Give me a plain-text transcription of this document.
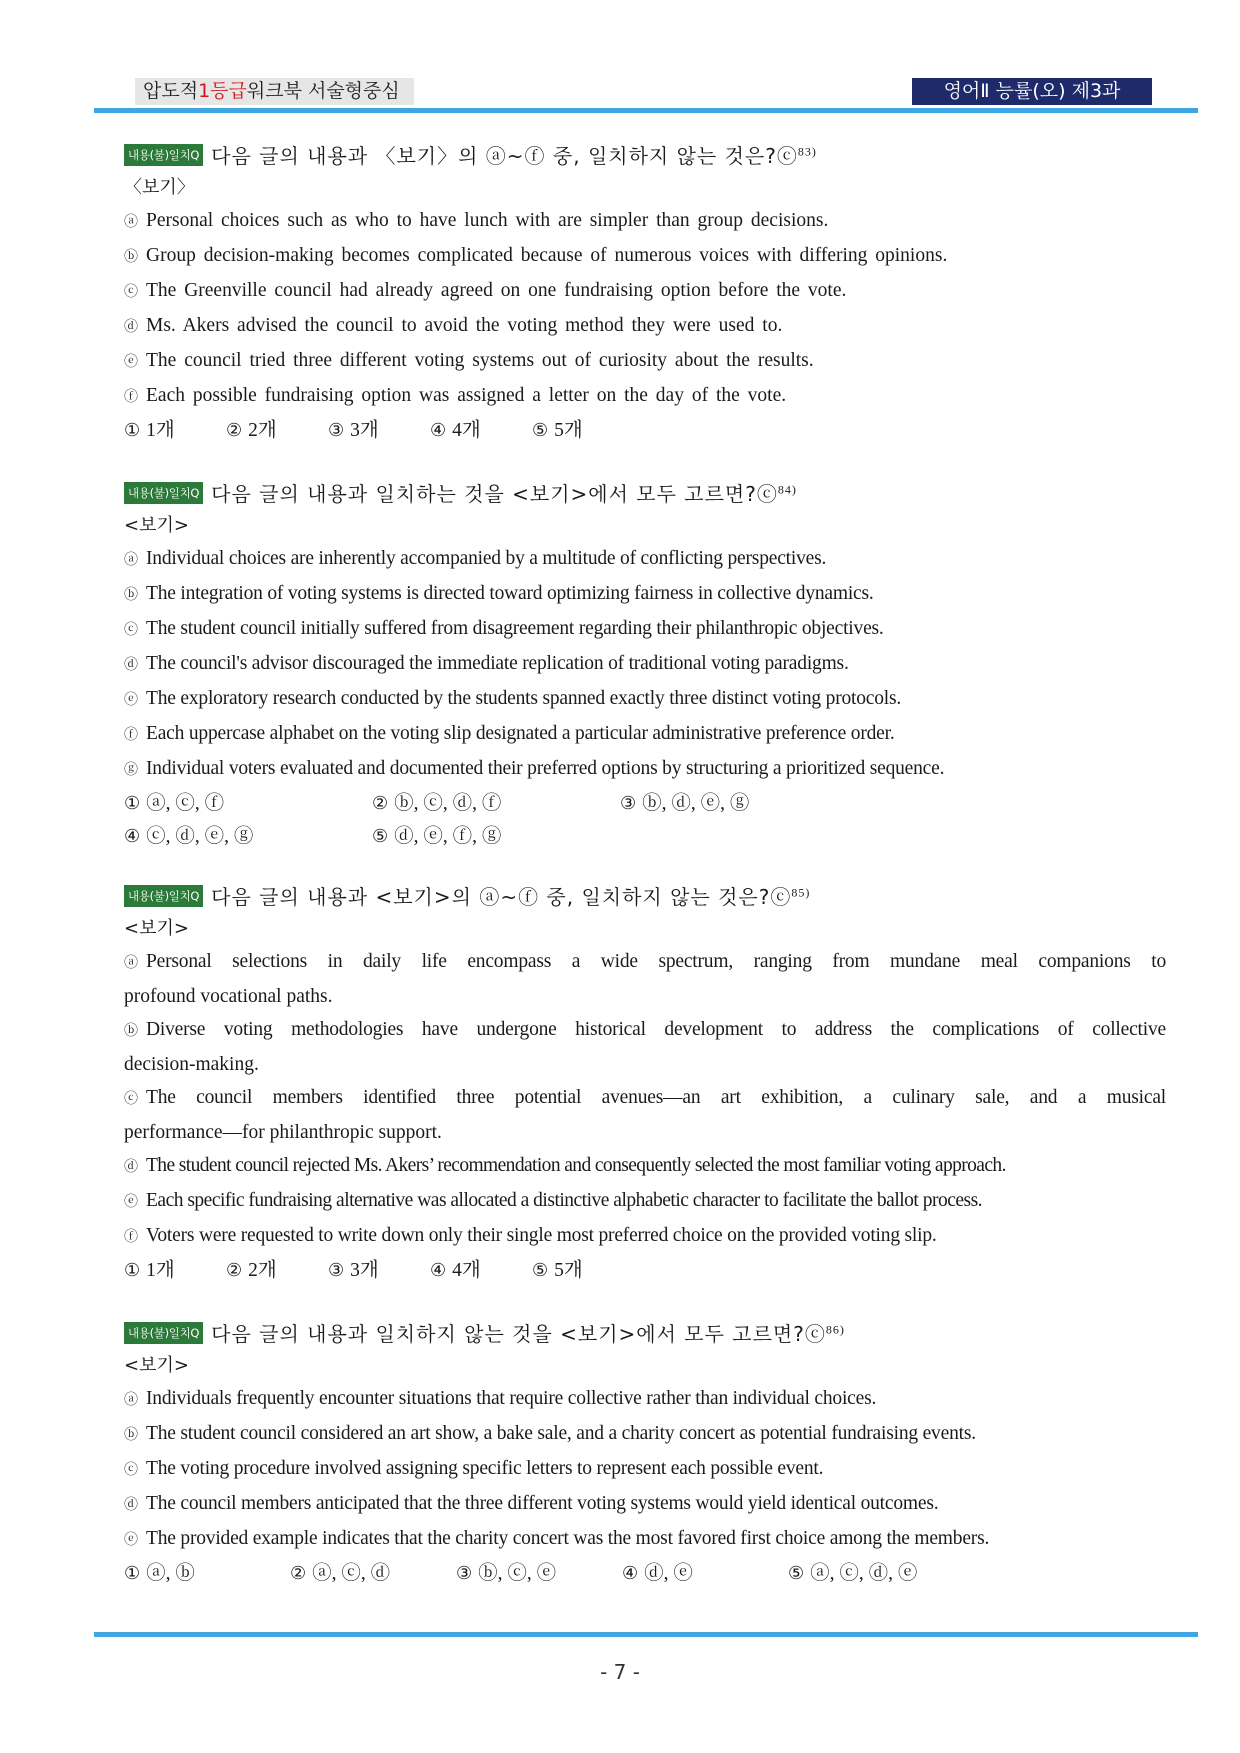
압도적1등급워크북 서술형중심	영어Ⅱ 능률(오) 제3과
내용(불)일치Q 다음 글의 내용과 〈보기〉의 ⓐ~ⓕ 중, 일치하지 않는 것은?ⓒ$^{83)}$
〈보기〉
ⓐ Personal choices such as who to have lunch with are simpler than group decisions.
ⓑ Group decision-making becomes complicated because of numerous voices with differing opinions.
ⓒ The Greenville council had already agreed on one fundraising option before the vote.
ⓓ Ms. Akers advised the council to avoid the voting method they were used to.
ⓔ The council tried three different voting systems out of curiosity about the results.
ⓕ Each possible fundraising option was assigned a letter on the day of the vote.
① 1개	② 2개	③ 3개	④ 4개	⑤ 5개
내용(불)일치Q 다음 글의 내용과 일치하는 것을 <보기>에서 모두 고르면?ⓒ$^{84)}$
<보기>
ⓐ Individual choices are inherently accompanied by a multitude of conflicting perspectives.
ⓑ The integration of voting systems is directed toward optimizing fairness in collective dynamics.
ⓒ The student council initially suffered from disagreement regarding their philanthropic objectives.
ⓓ The council's advisor discouraged the immediate replication of traditional voting paradigms.
ⓔ The exploratory research conducted by the students spanned exactly three distinct voting protocols.
ⓕ Each uppercase alphabet on the voting slip designated a particular administrative preference order.
ⓖ Individual voters evaluated and documented their preferred options by structuring a prioritized sequence.
① ⓐ, ⓒ, ⓕ	② ⓑ, ⓒ, ⓓ, ⓕ	③ ⓑ, ⓓ, ⓔ, ⓖ
④ ⓒ, ⓓ, ⓔ, ⓖ	⑤ ⓓ, ⓔ, ⓕ, ⓖ
내용(불)일치Q 다음 글의 내용과 <보기>의 ⓐ~ⓕ 중, 일치하지 않는 것은?ⓒ$^{85)}$
<보기>
ⓐ Personal selections in daily life encompass a wide spectrum, ranging from mundane meal companions to
profound vocational paths.
ⓑ Diverse voting methodologies have undergone historical development to address the complications of collective
decision-making.
ⓒ The council members identified three potential avenues—an art exhibition, a culinary sale, and a musical
performance—for philanthropic support.
ⓓ The student council rejected Ms. Akers’ recommendation and consequently selected the most familiar voting approach.
ⓔ Each specific fundraising alternative was allocated a distinctive alphabetic character to facilitate the ballot process.
ⓕ Voters were requested to write down only their single most preferred choice on the provided voting slip.
① 1개	② 2개	③ 3개	④ 4개	⑤ 5개
내용(불)일치Q 다음 글의 내용과 일치하지 않는 것을 <보기>에서 모두 고르면?ⓒ$^{86)}$
<보기>
ⓐ Individuals frequently encounter situations that require collective rather than individual choices.
ⓑ The student council considered an art show, a bake sale, and a charity concert as potential fundraising events.
ⓒ The voting procedure involved assigning specific letters to represent each possible event.
ⓓ The council members anticipated that the three different voting systems would yield identical outcomes.
ⓔ The provided example indicates that the charity concert was the most favored first choice among the members.
① ⓐ, ⓑ	② ⓐ, ⓒ, ⓓ	③ ⓑ, ⓒ, ⓔ	④ ⓓ, ⓔ	⑤ ⓐ, ⓒ, ⓓ, ⓔ
- 7 -
